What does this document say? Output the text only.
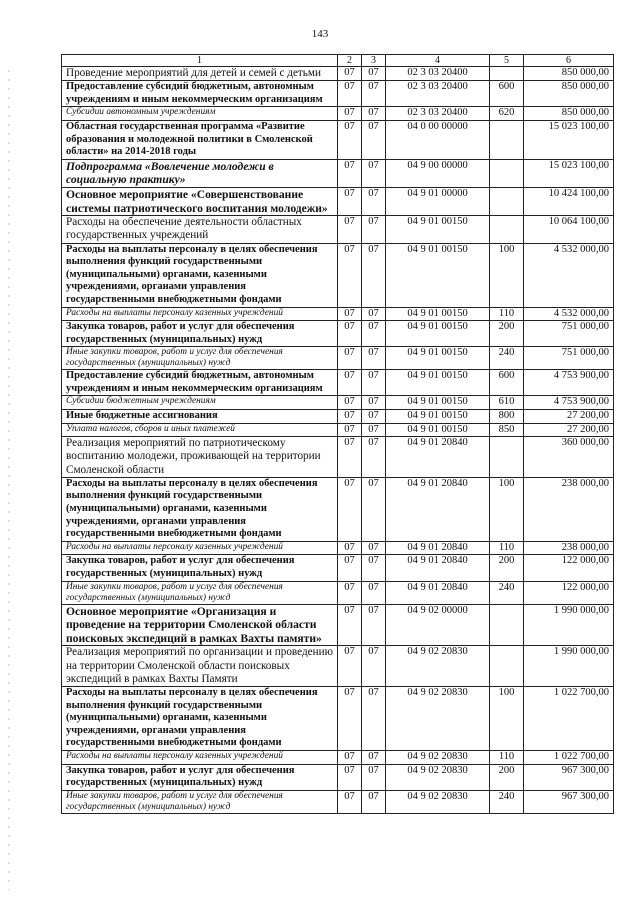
143
1	2	3	4	5	6
Проведение мероприятий для детей и семей с детьми	07	07	02 3 03 20400		850 000,00
Предоставление субсидий бюджетным, автономным учреждениям и иным некоммерческим организациям	07	07	02 3 03 20400	600	850 000,00
Субсидии автономным учреждениям	07	07	02 3 03 20400	620	850 000,00
Областная государственная программа «Развитие образования и молодежной политики в Смоленской области» на 2014-2018 годы	07	07	04 0 00 00000		15 023 100,00
Подпрограмма «Вовлечение молодежи в социальную практику»	07	07	04 9 00 00000		15 023 100,00
Основное мероприятие «Совершенствование системы патриотического воспитания молодежи»	07	07	04 9 01 00000		10 424 100,00
Расходы на обеспечение деятельности областных государственных учреждений	07	07	04 9 01 00150		10 064 100,00
Расходы на выплаты персоналу в целях обеспечения выполнения функций государственными (муниципальными) органами, казенными учреждениями, органами управления государственными внебюджетными фондами	07	07	04 9 01 00150	100	4 532 000,00
Расходы на выплаты персоналу казенных учреждений	07	07	04 9 01 00150	110	4 532 000,00
Закупка товаров, работ и услуг для обеспечения государственных (муниципальных) нужд	07	07	04 9 01 00150	200	751 000,00
Иные закупки товаров, работ и услуг для обеспечения государственных (муниципальных) нужд	07	07	04 9 01 00150	240	751 000,00
Предоставление субсидий бюджетным, автономным учреждениям и иным некоммерческим организациям	07	07	04 9 01 00150	600	4 753 900,00
Субсидии бюджетным учреждениям	07	07	04 9 01 00150	610	4 753 900,00
Иные бюджетные ассигнования	07	07	04 9 01 00150	800	27 200,00
Уплата налогов, сборов и иных платежей	07	07	04 9 01 00150	850	27 200,00
Реализация мероприятий по патриотическому воспитанию молодежи, проживающей на территории Смоленской области	07	07	04 9 01 20840		360 000,00
Расходы на выплаты персоналу в целях обеспечения выполнения функций государственными (муниципальными) органами, казенными учреждениями, органами управления государственными внебюджетными фондами	07	07	04 9 01 20840	100	238 000,00
Расходы на выплаты персоналу казенных учреждений	07	07	04 9 01 20840	110	238 000,00
Закупка товаров, работ и услуг для обеспечения государственных (муниципальных) нужд	07	07	04 9 01 20840	200	122 000,00
Иные закупки товаров, работ и услуг для обеспечения государственных (муниципальных) нужд	07	07	04 9 01 20840	240	122 000,00
Основное мероприятие «Организация и проведение на территории Смоленской области поисковых экспедиций в рамках Вахты памяти»	07	07	04 9 02 00000		1 990 000,00
Реализация мероприятий по организации и проведению на территории Смоленской области поисковых экспедиций в рамках Вахты Памяти	07	07	04 9 02 20830		1 990 000,00
Расходы на выплаты персоналу в целях обеспечения выполнения функций государственными (муниципальными) органами, казенными учреждениями, органами управления государственными внебюджетными фондами	07	07	04 9 02 20830	100	1 022 700,00
Расходы на выплаты персоналу казенных учреждений	07	07	04 9 02 20830	110	1 022 700,00
Закупка товаров, работ и услуг для обеспечения государственных (муниципальных) нужд	07	07	04 9 02 20830	200	967 300,00
Иные закупки товаров, работ и услуг для обеспечения государственных (муниципальных) нужд	07	07	04 9 02 20830	240	967 300,00
